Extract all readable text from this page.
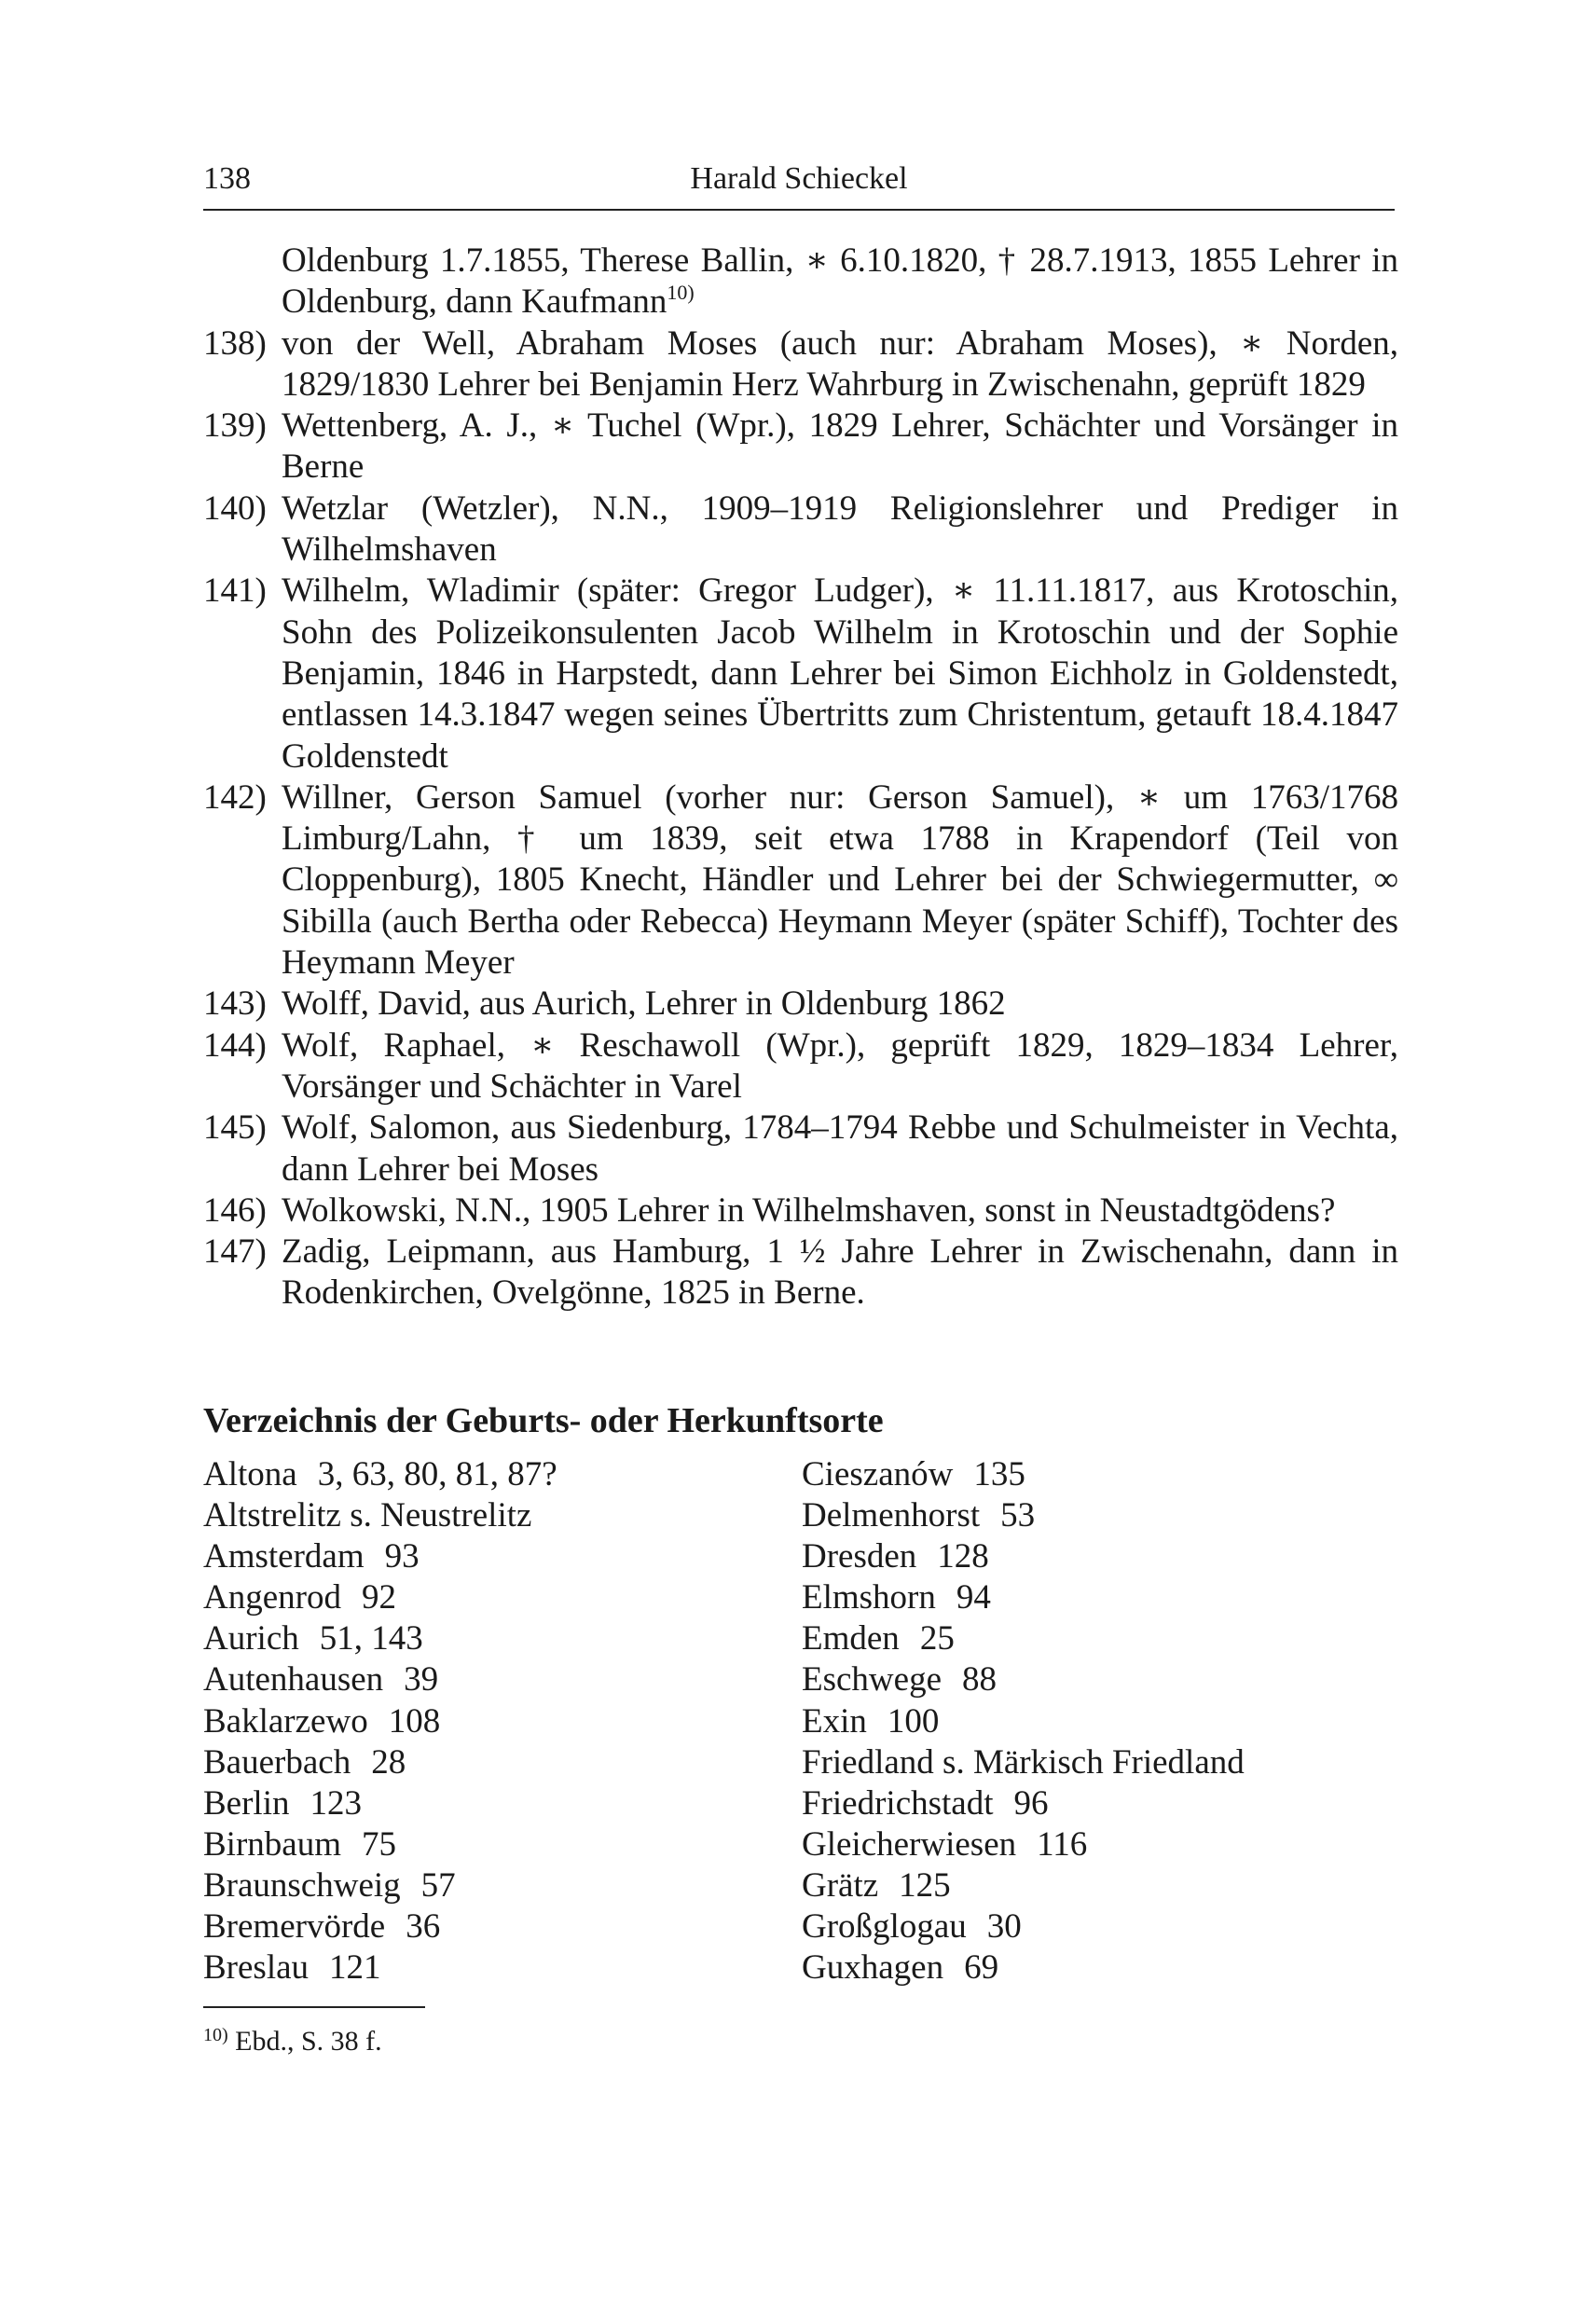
138	Harald Schieckel
Oldenburg 1.7.1855, Therese Ballin, ∗ 6.10.1820, † 28.7.1913, 1855 Lehrer in Oldenburg, dann Kaufmann$^{10)}$
138) von der Well, Abraham Moses (auch nur: Abraham Moses), ∗ Norden, 1829/1830 Lehrer bei Benjamin Herz Wahrburg in Zwischenahn, geprüft 1829
139) Wettenberg, A. J., ∗ Tuchel (Wpr.), 1829 Lehrer, Schächter und Vorsänger in Berne
140) Wetzlar (Wetzler), N.N., 1909–1919 Religionslehrer und Prediger in Wilhelmshaven
141) Wilhelm, Wladimir (später: Gregor Ludger), ∗ 11.11.1817, aus Krotoschin, Sohn des Polizeikonsulenten Jacob Wilhelm in Krotoschin und der Sophie Benjamin, 1846 in Harpstedt, dann Lehrer bei Simon Eichholz in Goldenstedt, entlassen 14.3.1847 wegen seines Übertritts zum Christentum, getauft 18.4.1847 Goldenstedt
142) Willner, Gerson Samuel (vorher nur: Gerson Samuel), ∗ um 1763/1768 Limburg/Lahn, † um 1839, seit etwa 1788 in Krapendorf (Teil von Cloppenburg), 1805 Knecht, Händler und Lehrer bei der Schwiegermutter, ∞ Sibilla (auch Bertha oder Rebecca) Heymann Meyer (später Schiff), Tochter des Heymann Meyer
143) Wolff, David, aus Aurich, Lehrer in Oldenburg 1862
144) Wolf, Raphael, ∗ Reschawoll (Wpr.), geprüft 1829, 1829–1834 Lehrer, Vorsänger und Schächter in Varel
145) Wolf, Salomon, aus Siedenburg, 1784–1794 Rebbe und Schulmeister in Vechta, dann Lehrer bei Moses
146) Wolkowski, N.N., 1905 Lehrer in Wilhelmshaven, sonst in Neustadtgödens?
147) Zadig, Leipmann, aus Hamburg, 1 ½ Jahre Lehrer in Zwischenahn, dann in Rodenkirchen, Ovelgönne, 1825 in Berne.
Verzeichnis der Geburts- oder Herkunftsorte
Altona 3, 63, 80, 81, 87?
Altstrelitz s. Neustrelitz
Amsterdam 93
Angenrod 92
Aurich 51, 143
Autenhausen 39
Baklarzewo 108
Bauerbach 28
Berlin 123
Birnbaum 75
Braunschweig 57
Bremervörde 36
Breslau 121
Cieszanów 135
Delmenhorst 53
Dresden 128
Elmshorn 94
Emden 25
Eschwege 88
Exin 100
Friedland s. Märkisch Friedland
Friedrichstadt 96
Gleicherwiesen 116
Grätz 125
Großglogau 30
Guxhagen 69
$^{10)}$ Ebd., S. 38 f.
